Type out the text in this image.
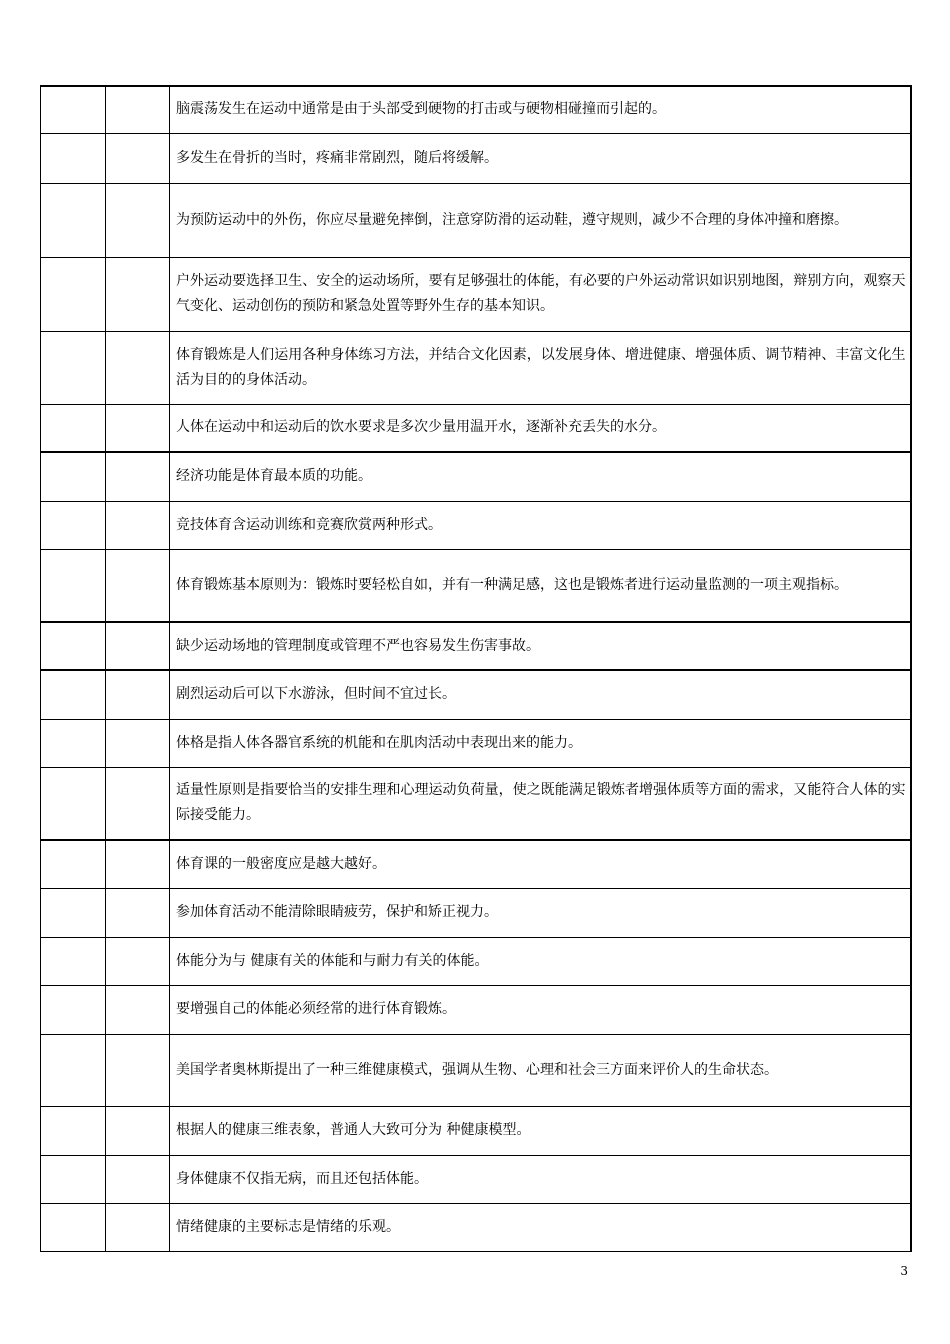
		脑震荡发生在运动中通常是由于头部受到硬物的打击或与硬物相碰撞而引起的。
		多发生在骨折的当时，疼痛非常剧烈，随后将缓解。
		为预防运动中的外伤，你应尽量避免摔倒，注意穿防滑的运动鞋，遵守规则，减少不合理的身体冲撞和磨擦。
		户外运动要选择卫生、安全的运动场所，要有足够强壮的体能，有必要的户外运动常识如识别地图，辩别方向，观察天气变化、运动创伤的预防和紧急处置等野外生存的基本知识。
		体育锻炼是人们运用各种身体练习方法，并结合文化因素，以发展身体、增进健康、增强体质、调节精神、丰富文化生活为目的的身体活动。
		人体在运动中和运动后的饮水要求是多次少量用温开水，逐渐补充丢失的水分。
		经济功能是体育最本质的功能。
		竞技体育含运动训练和竞赛欣赏两种形式。
		体育锻炼基本原则为：锻炼时要轻松自如，并有一种满足感，这也是锻炼者进行运动量监测的一项主观指标。
		缺少运动场地的管理制度或管理不严也容易发生伤害事故。
		剧烈运动后可以下水游泳，但时间不宜过长。
		体格是指人体各器官系统的机能和在肌肉活动中表现出来的能力。
		适量性原则是指要恰当的安排生理和心理运动负荷量，使之既能满足锻炼者增强体质等方面的需求，又能符合人体的实际接受能力。
		体育课的一般密度应是越大越好。
		参加体育活动不能清除眼睛疲劳，保护和矫正视力。
		体能分为与 健康有关的体能和与耐力有关的体能。
		要增强自己的体能必须经常的进行体育锻炼。
		美国学者奥林斯提出了一种三维健康模式，强调从生物、心理和社会三方面来评价人的生命状态。
		根据人的健康三维表象，普通人大致可分为 种健康模型。
		身体健康不仅指无病，而且还包括体能。
		情绪健康的主要标志是情绪的乐观。
3
